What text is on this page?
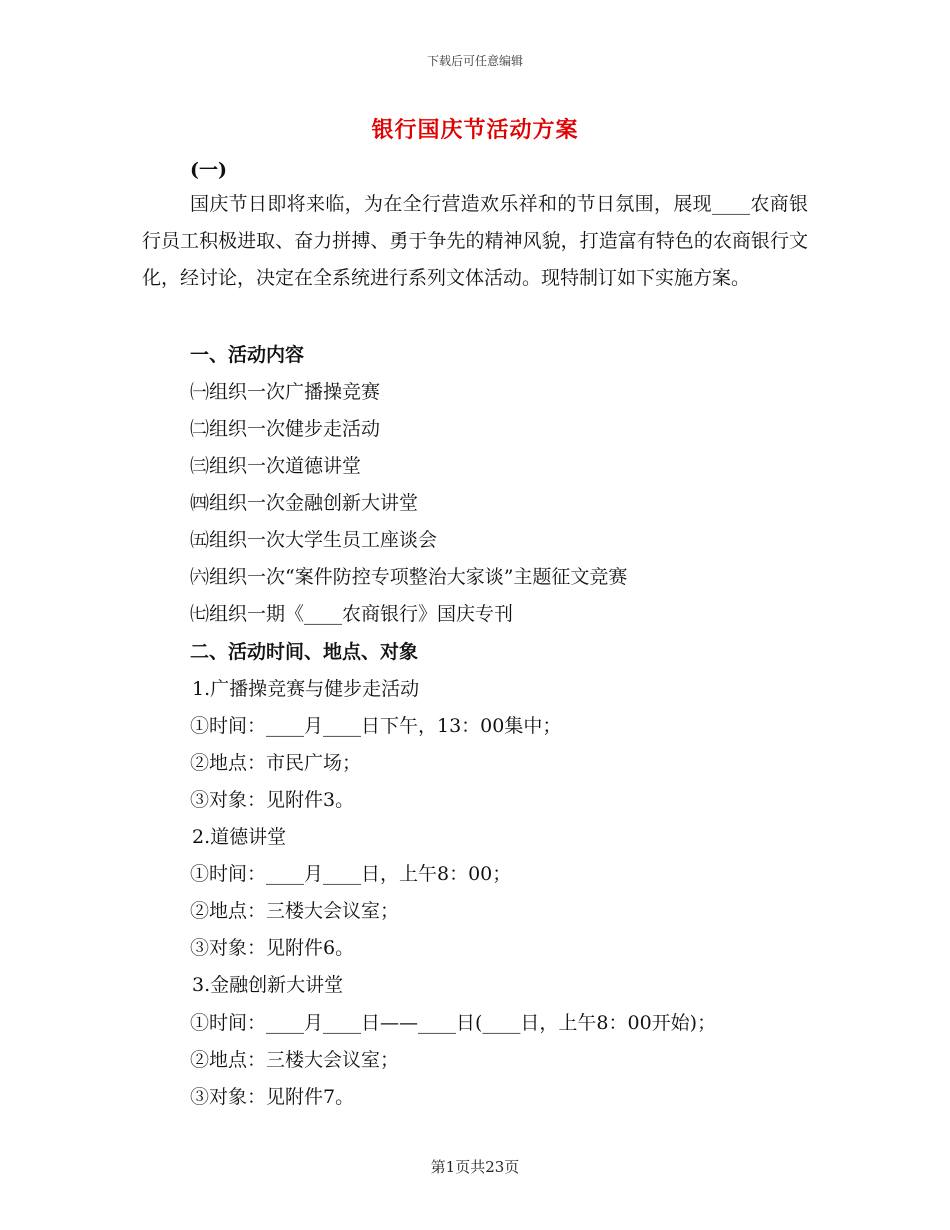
下载后可任意编辑
银行国庆节活动方案
(一)
国庆节日即将来临，为在全行营造欢乐祥和的节日氛围，展现____农商银行员工积极进取、奋力拼搏、勇于争先的精神风貌，打造富有特色的农商银行文化，经讨论，决定在全系统进行系列文体活动。现特制订如下实施方案。
一、活动内容
㈠组织一次广播操竞赛
㈡组织一次健步走活动
㈢组织一次道德讲堂
㈣组织一次金融创新大讲堂
㈤组织一次大学生员工座谈会
㈥组织一次“案件防控专项整治大家谈”主题征文竞赛
㈦组织一期《____农商银行》国庆专刊
二、活动时间、地点、对象
1.广播操竞赛与健步走活动
①时间：____月____日下午，13：00集中；
②地点：市民广场；
③对象：见附件3。
2.道德讲堂
①时间：____月____日，上午8：00；
②地点：三楼大会议室；
③对象：见附件6。
3.金融创新大讲堂
①时间：____月____日——____日(____日，上午8：00开始)；
②地点：三楼大会议室；
③对象：见附件7。
第1页共23页
